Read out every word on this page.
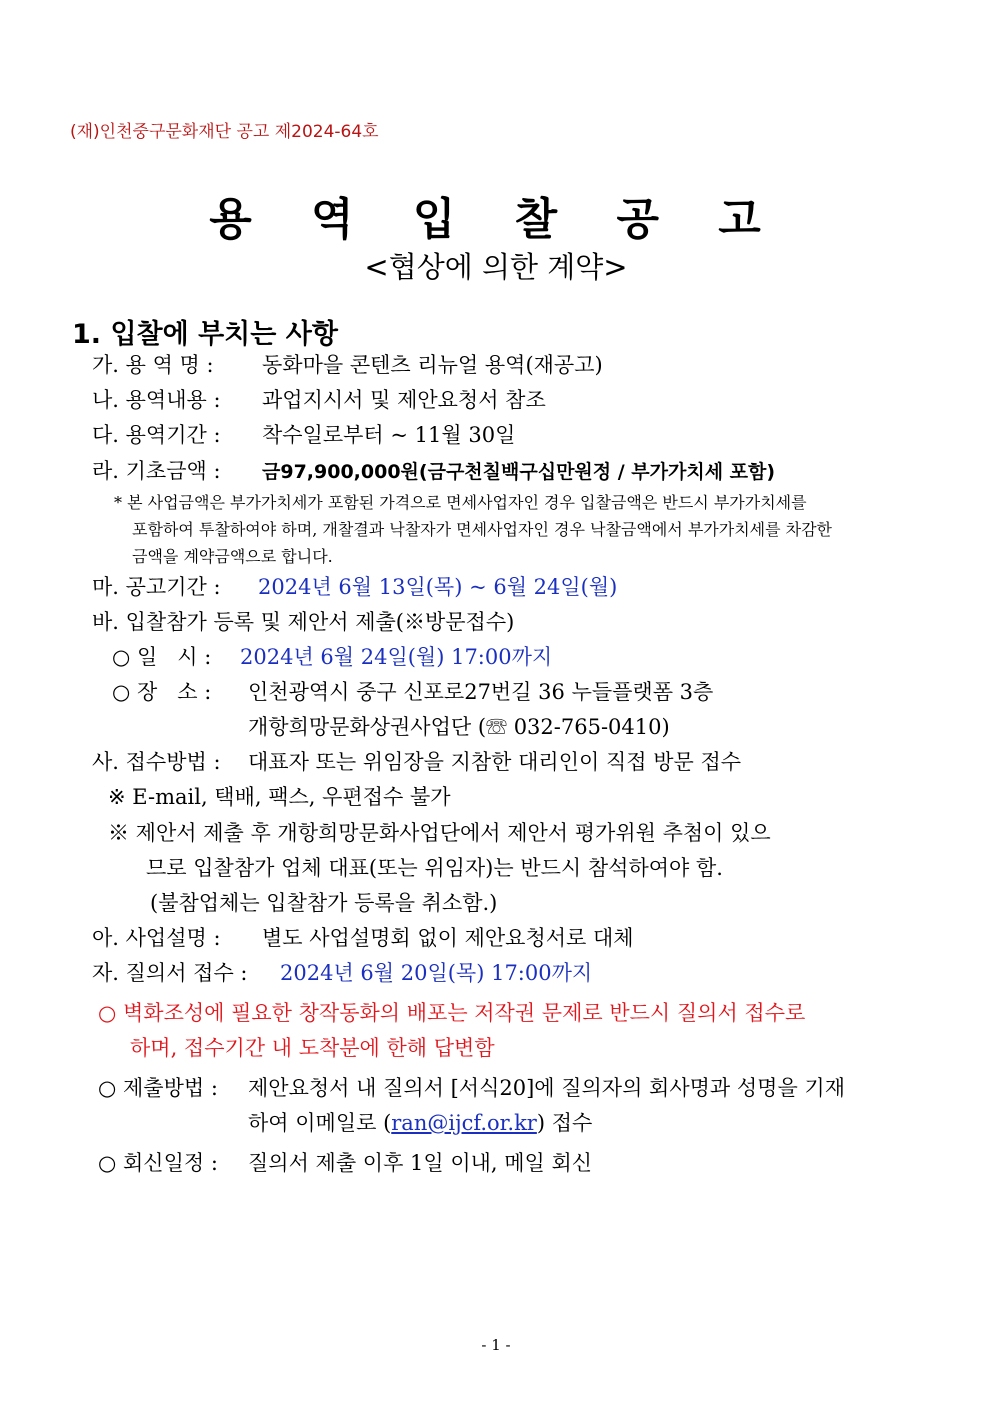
(재)인천중구문화재단 공고 제2024-64호
용 역 입 찰 공 고
<협상에 의한 계약>
1. 입찰에 부치는 사항
가. 용 역 명 : 동화마을 콘텐츠 리뉴얼 용역(재공고)
나. 용역내용 : 과업지시서 및 제안요청서 참조
다. 용역기간 : 착수일로부터 ~ 11월 30일
라. 기초금액 : 금97,900,000원(금구천칠백구십만원정 / 부가가치세 포함)
* 본 사업금액은 부가가치세가 포함된 가격으로 면세사업자인 경우 입찰금액은 반드시 부가가치세를
포함하여 투찰하여야 하며, 개찰결과 낙찰자가 면세사업자인 경우 낙찰금액에서 부가가치세를 차감한
금액을 계약금액으로 합니다.
마. 공고기간 : 2024년 6월 13일(목) ~ 6월 24일(월)
바. 입찰참가 등록 및 제안서 제출(※방문접수)
○ 일   시 : 2024년 6월 24일(월) 17:00까지
○ 장   소 : 인천광역시 중구 신포로27번길 36 누들플랫폼 3층
개항희망문화상권사업단 (☏ 032-765-0410)
사. 접수방법 : 대표자 또는 위임장을 지참한 대리인이 직접 방문 접수
※ E-mail, 택배, 팩스, 우편접수 불가
※ 제안서 제출 후 개항희망문화사업단에서 제안서 평가위원 추첨이 있으
므로 입찰참가 업체 대표(또는 위임자)는 반드시 참석하여야 함.
(불참업체는 입찰참가 등록을 취소함.)
아. 사업설명 : 별도 사업설명회 없이 제안요청서로 대체
자. 질의서 접수 : 2024년 6월 20일(목) 17:00까지
○ 벽화조성에 필요한 창작동화의 배포는 저작권 문제로 반드시 질의서 접수로
하며, 접수기간 내 도착분에 한해 답변함
○ 제출방법 : 제안요청서 내 질의서 [서식20]에 질의자의 회사명과 성명을 기재
하여 이메일로 (ran@ijcf.or.kr) 접수
○ 회신일정 : 질의서 제출 이후 1일 이내, 메일 회신
- 1 -
